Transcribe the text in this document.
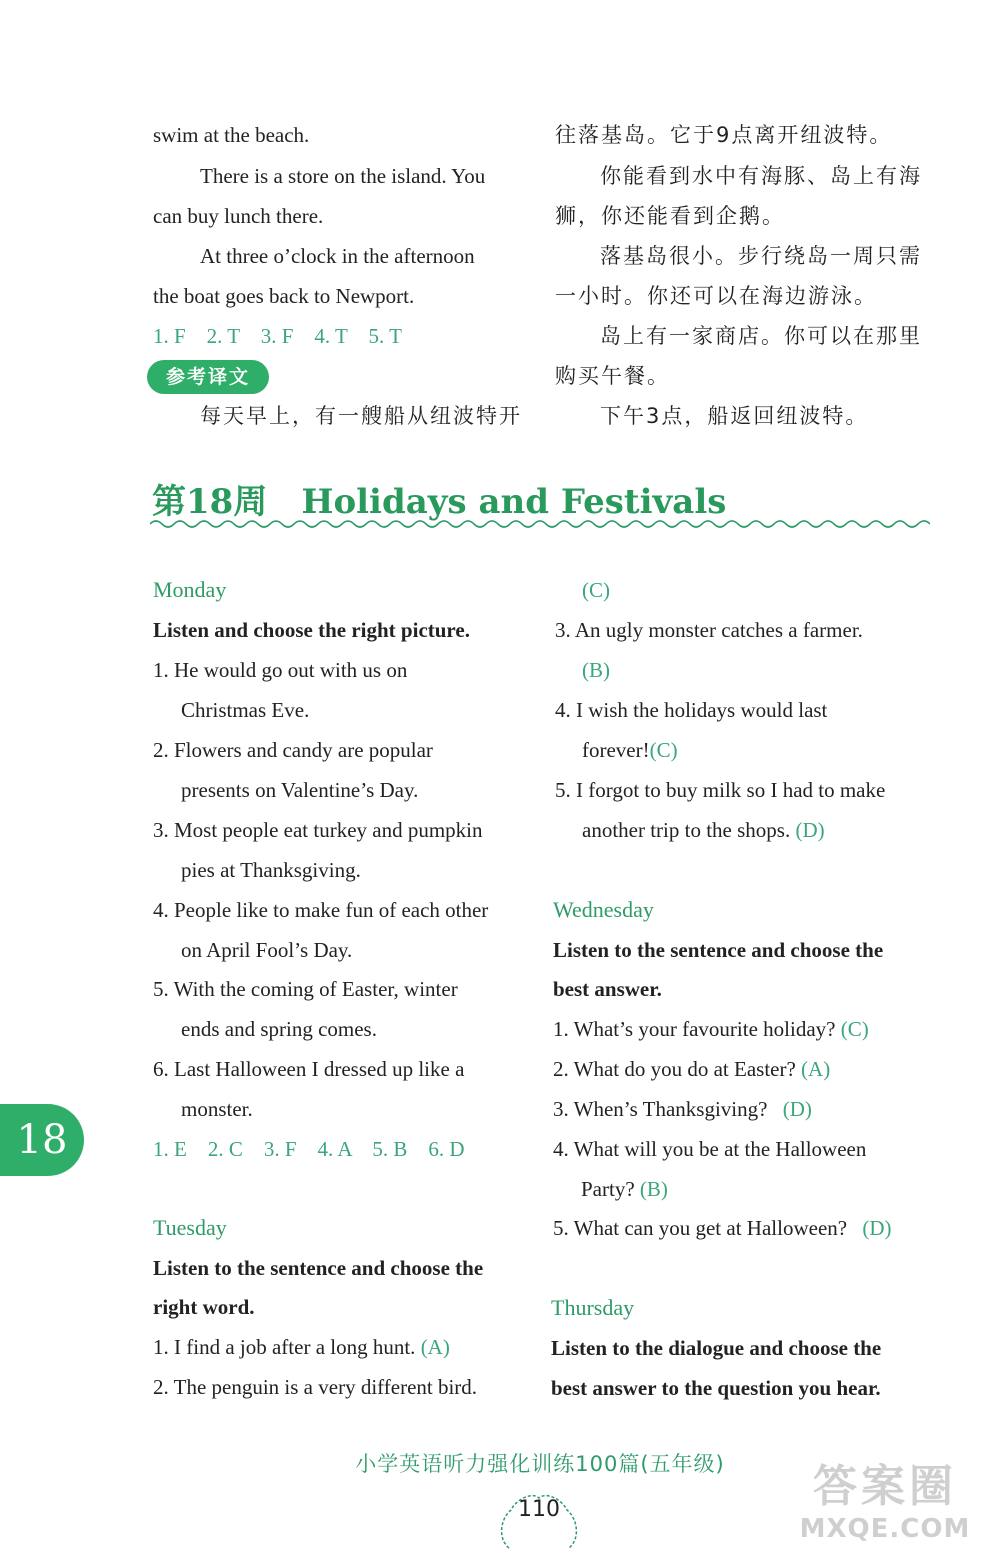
swim at the beach.
There is a store on the island. You
can buy lunch there.
At three o’clock in the afternoon
the boat goes back to Newport.
1. F    2. T    3. F    4. T    5. T
参考译文
每天早上，有一艘船从纽波特开
往落基岛。它于9点离开纽波特。
你能看到水中有海豚、岛上有海
狮，你还能看到企鹅。
落基岛很小。步行绕岛一周只需
一小时。你还可以在海边游泳。
岛上有一家商店。你可以在那里
购买午餐。
下午3点，船返回纽波特。
第18周 Holidays and Festivals
Monday
Listen and choose the right picture.
1. He would go out with us on
Christmas Eve.
2. Flowers and candy are popular
presents on Valentine’s Day.
3. Most people eat turkey and pumpkin
pies at Thanksgiving.
4. People like to make fun of each other
on April Fool’s Day.
5. With the coming of Easter, winter
ends and spring comes.
6. Last Halloween I dressed up like a
monster.
1. E    2. C    3. F    4. A    5. B    6. D
18
Tuesday
Listen to the sentence and choose the
right word.
1. I find a job after a long hunt. (A)
2. The penguin is a very different bird.
(C)
3. An ugly monster catches a farmer.
(B)
4. I wish the holidays would last
forever!(C)
5. I forgot to buy milk so I had to make
another trip to the shops. (D)
Wednesday
Listen to the sentence and choose the
best answer.
1. What’s your favourite holiday? (C)
2. What do you do at Easter? (A)
3. When’s Thanksgiving? (D)
4. What will you be at the Halloween
Party? (B)
5. What can you get at Halloween? (D)
Thursday
Listen to the dialogue and choose the
best answer to the question you hear.
小学英语听力强化训练100篇(五年级)
110	答案圈
MXQE.COM
